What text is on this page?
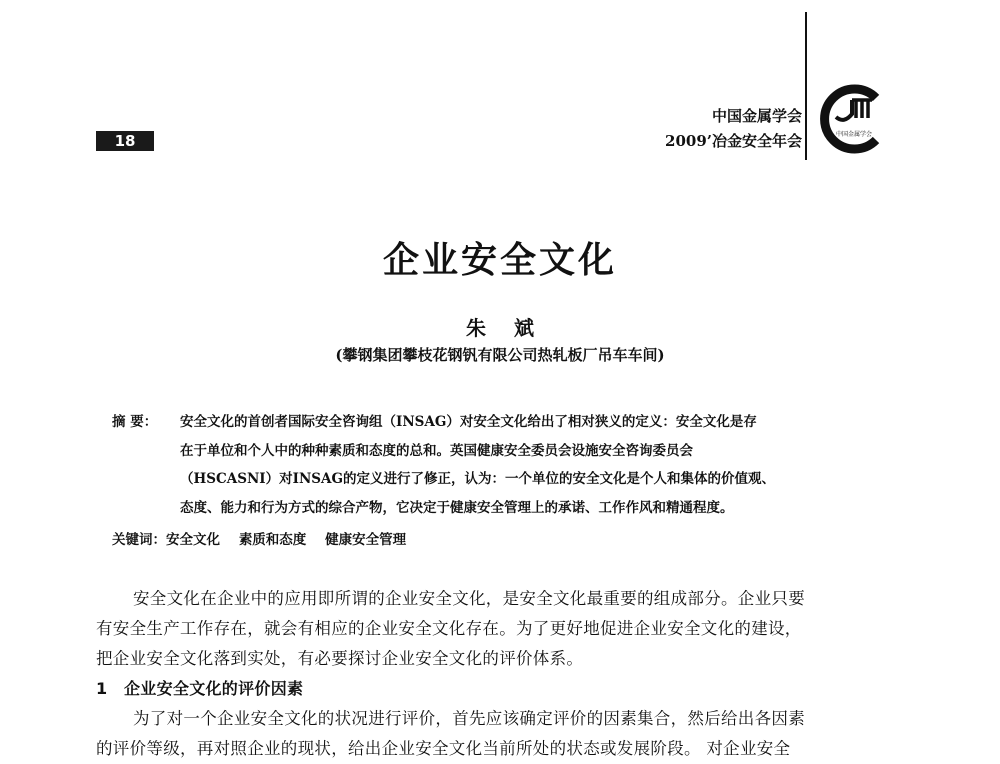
18
中国金属学会
2009’冶金安全年会	中国金属学会
企业安全文化
朱斌
(攀钢集团攀枝花钢钒有限公司热轧板厂吊车车间)
摘 要：	安全文化的首创者国际安全咨询组（INSAG）对安全文化给出了相对狭义的定义：安全文化是存

在于单位和个人中的种种素质和态度的总和。英国健康安全委员会设施安全咨询委员会

（HSCASNI）对INSAG的定义进行了修正，认为：一个单位的安全文化是个人和集体的价值观、

态度、能力和行为方式的综合产物，它决定于健康安全管理上的承诺、工作作风和精通程度。

关键词：安全文化 素质和态度 健康安全管理

安全文化在企业中的应用即所谓的企业安全文化，是安全文化最重要的组成部分。企业只要

有安全生产工作存在，就会有相应的企业安全文化存在。为了更好地促进企业安全文化的建设，

把企业安全文化落到实处，有必要探讨企业安全文化的评价体系。

1 企业安全文化的评价因素

为了对一个企业安全文化的状况进行评价，首先应该确定评价的因素集合，然后给出各因素

的评价等级，再对照企业的现状，给出企业安全文化当前所处的状态或发展阶段。 对企业安全
